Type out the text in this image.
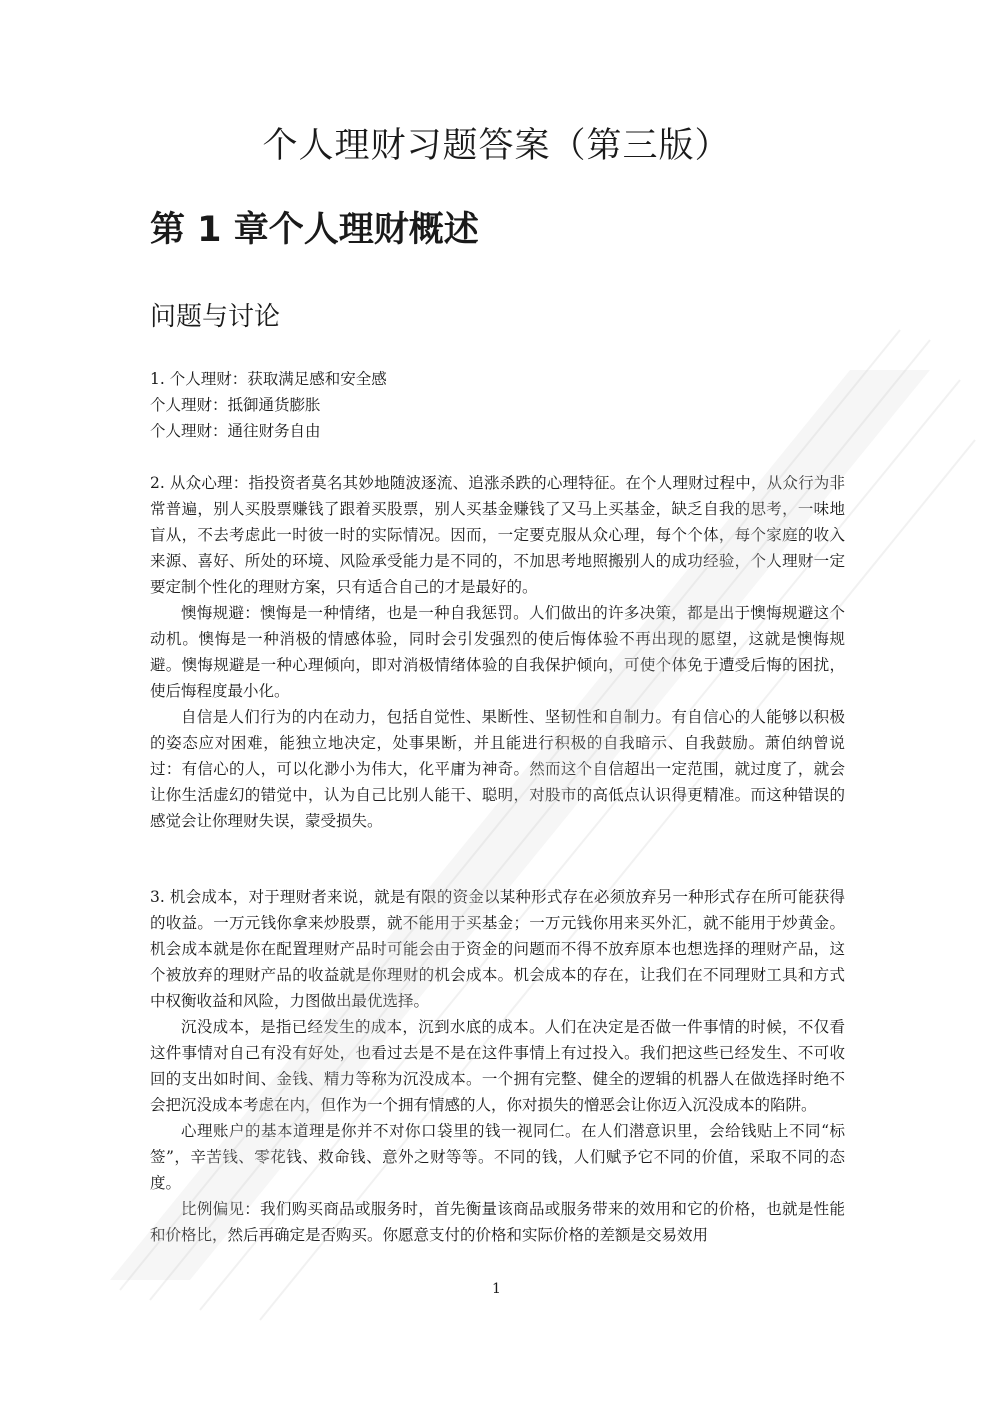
个人理财习题答案（第三版）
第 1 章个人理财概述
问题与讨论

1. 个人理财：获取满足感和安全感

个人理财：抵御通货膨胀

个人理财：通往财务自由

2. 从众心理：指投资者莫名其妙地随波逐流、追涨杀跌的心理特征。在个人理财过程中，从众行为非常普遍，别人买股票赚钱了跟着买股票，别人买基金赚钱了又马上买基金，缺乏自我的思考，一味地盲从，不去考虑此一时彼一时的实际情况。因而，一定要克服从众心理，每个个体，每个家庭的收入来源、喜好、所处的环境、风险承受能力是不同的，不加思考地照搬别人的成功经验，个人理财一定要定制个性化的理财方案，只有适合自己的才是最好的。

懊悔规避：懊悔是一种情绪，也是一种自我惩罚。人们做出的许多决策，都是出于懊悔规避这个动机。懊悔是一种消极的情感体验，同时会引发强烈的使后悔体验不再出现的愿望，这就是懊悔规避。懊悔规避是一种心理倾向，即对消极情绪体验的自我保护倾向，可使个体免于遭受后悔的困扰，使后悔程度最小化。

自信是人们行为的内在动力，包括自觉性、果断性、坚韧性和自制力。有自信心的人能够以积极的姿态应对困难，能独立地决定，处事果断，并且能进行积极的自我暗示、自我鼓励。萧伯纳曾说过：有信心的人，可以化渺小为伟大，化平庸为神奇。然而这个自信超出一定范围，就过度了，就会让你生活虚幻的错觉中，认为自己比别人能干、聪明，对股市的高低点认识得更精准。而这种错误的感觉会让你理财失误，蒙受损失。

3. 机会成本，对于理财者来说，就是有限的资金以某种形式存在必须放弃另一种形式存在所可能获得的收益。一万元钱你拿来炒股票，就不能用于买基金；一万元钱你用来买外汇，就不能用于炒黄金。机会成本就是你在配置理财产品时可能会由于资金的问题而不得不放弃原本也想选择的理财产品，这个被放弃的理财产品的收益就是你理财的机会成本。机会成本的存在，让我们在不同理财工具和方式中权衡收益和风险，力图做出最优选择。

沉没成本，是指已经发生的成本，沉到水底的成本。人们在决定是否做一件事情的时候，不仅看这件事情对自己有没有好处，也看过去是不是在这件事情上有过投入。我们把这些已经发生、不可收回的支出如时间、金钱、精力等称为沉没成本。一个拥有完整、健全的逻辑的机器人在做选择时绝不会把沉没成本考虑在内，但作为一个拥有情感的人，你对损失的憎恶会让你迈入沉没成本的陷阱。

心理账户的基本道理是你并不对你口袋里的钱一视同仁。在人们潜意识里，会给钱贴上不同“标签”，辛苦钱、零花钱、救命钱、意外之财等等。不同的钱，人们赋予它不同的价值，采取不同的态度。

比例偏见：我们购买商品或服务时，首先衡量该商品或服务带来的效用和它的价格，也就是性能和价格比，然后再确定是否购买。你愿意支付的价格和实际价格的差额是交易效用

1
